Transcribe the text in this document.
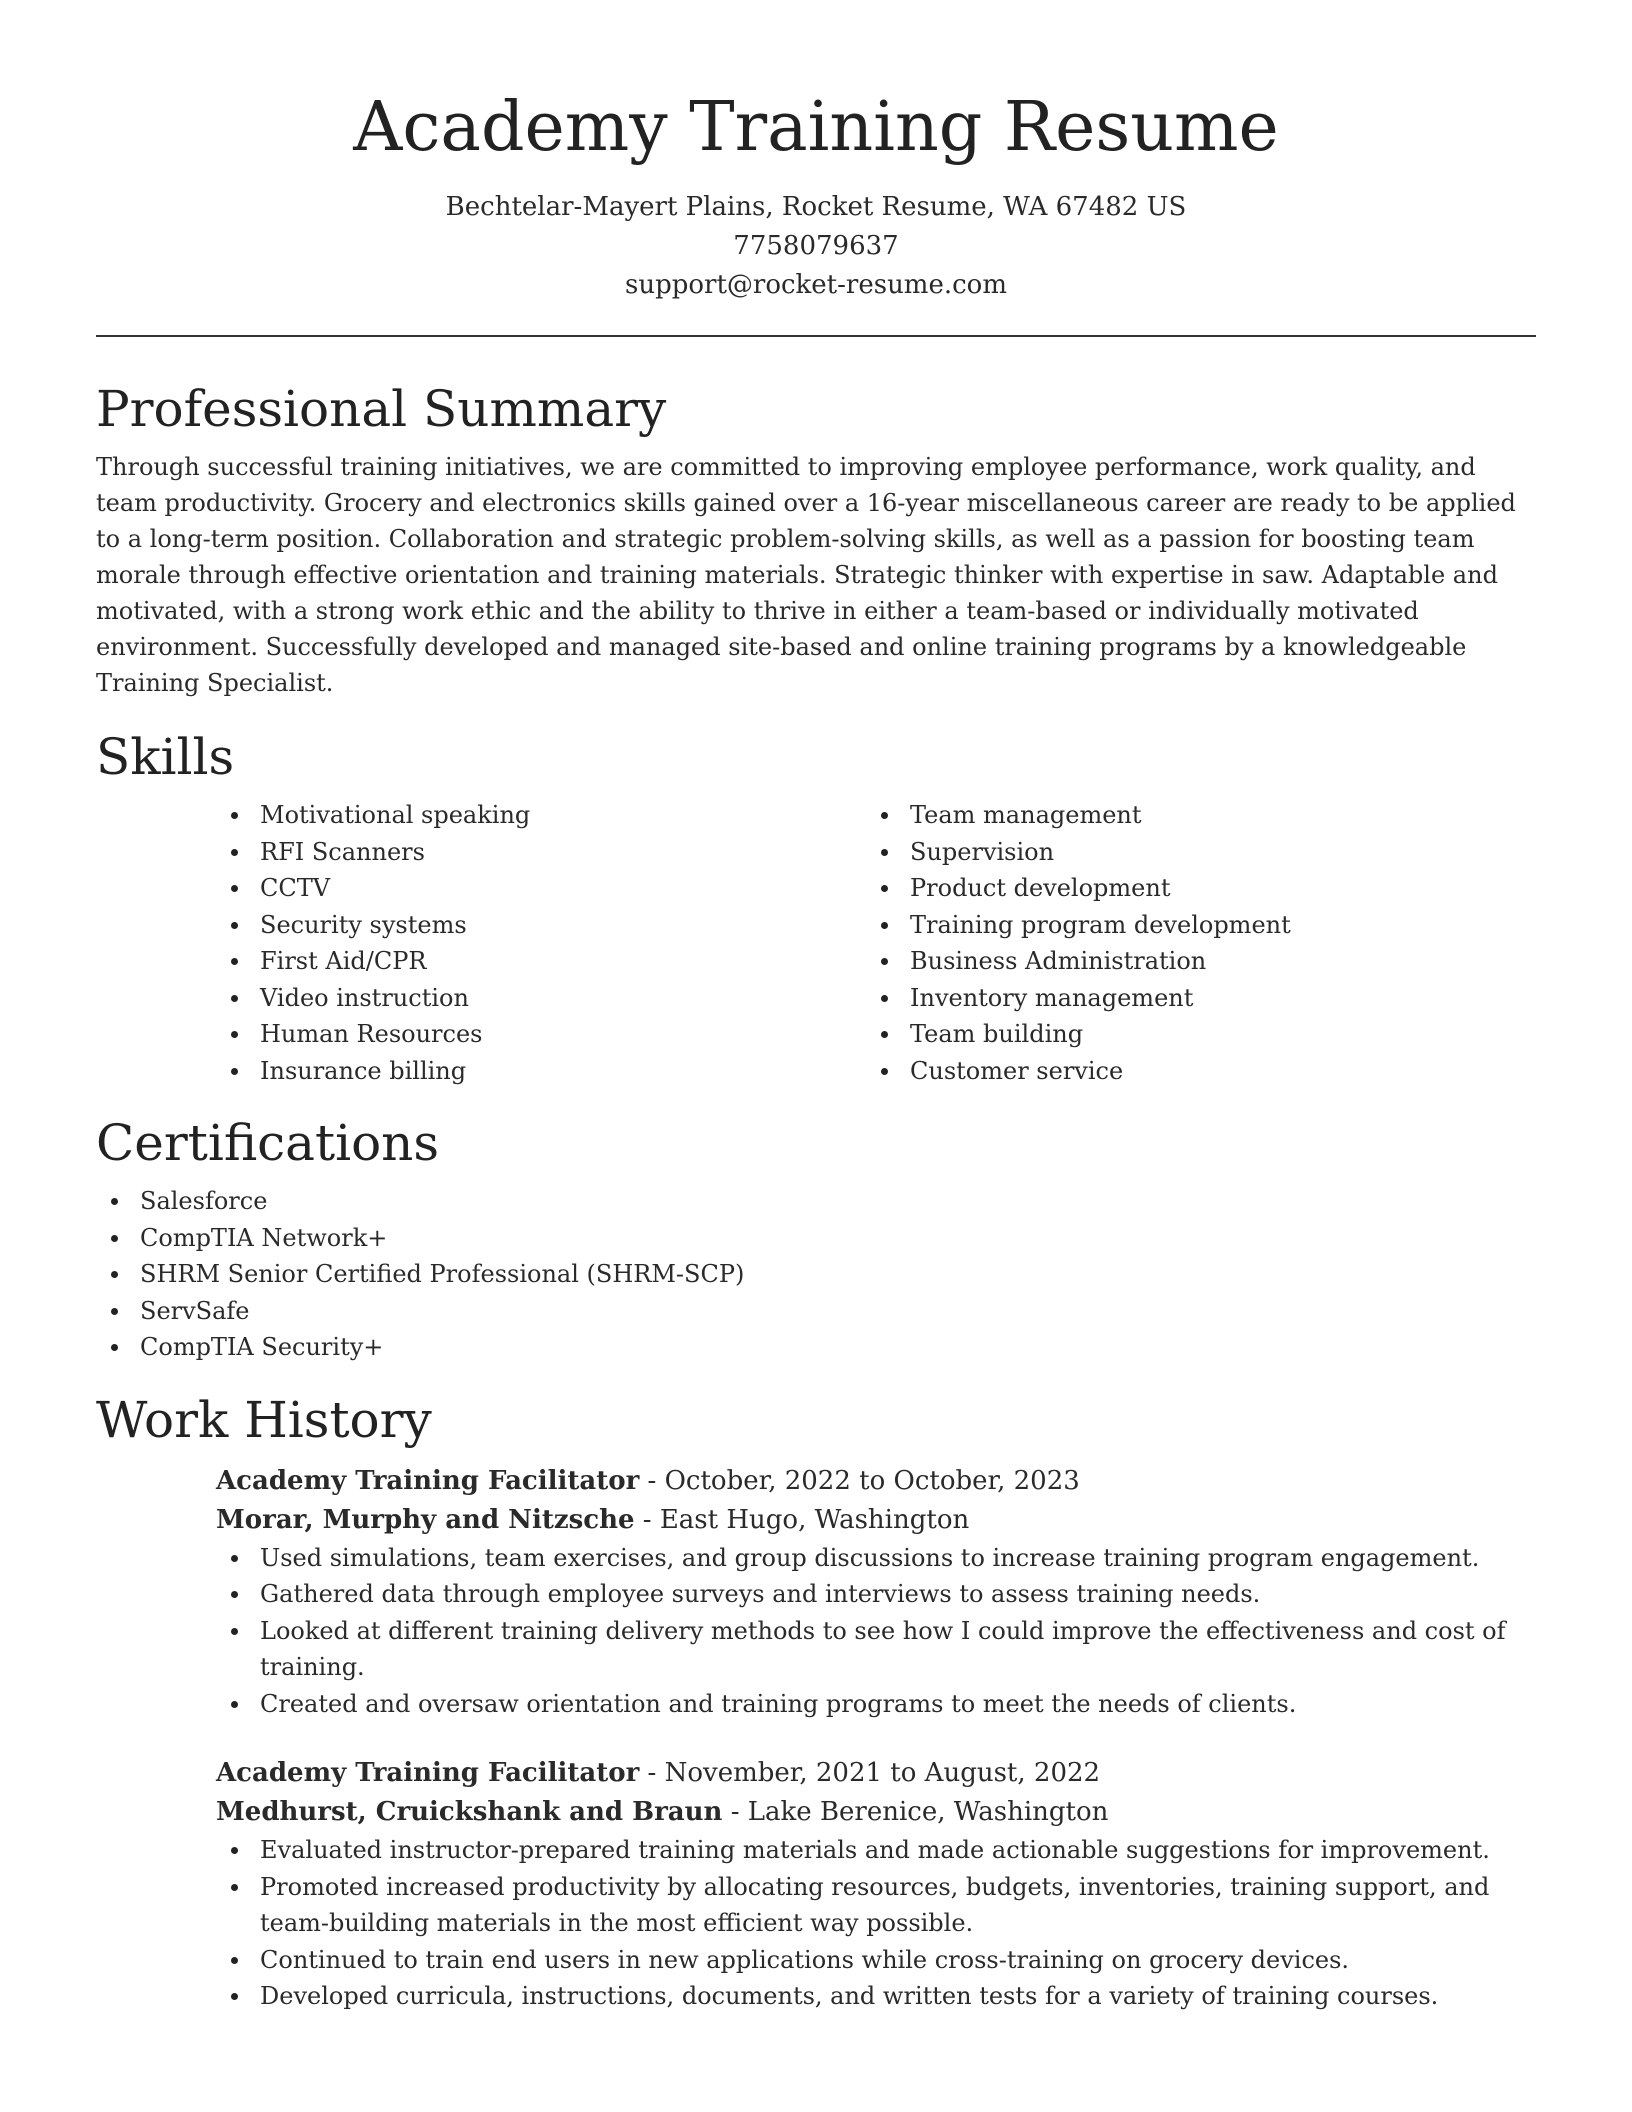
Academy Training Resume
Bechtelar-Mayert Plains, Rocket Resume, WA 67482 US
7758079637
support@rocket-resume.com
Professional Summary

Through successful training initiatives, we are committed to improving employee performance, work quality, and team productivity. Grocery and electronics skills gained over a 16-year miscellaneous career are ready to be applied to a long-term position. Collaboration and strategic problem-solving skills, as well as a passion for boosting team morale through effective orientation and training materials. Strategic thinker with expertise in saw. Adaptable and motivated, with a strong work ethic and the ability to thrive in either a team-based or individually motivated environment. Successfully developed and managed site-based and online training programs by a knowledgeable Training Specialist.

Skills
Motivational speaking
RFI Scanners
CCTV
Security systems
First Aid/CPR
Video instruction
Human Resources
Insurance billing
Team management
Supervision
Product development
Training program development
Business Administration
Inventory management
Team building
Customer service
Certifications
Salesforce
CompTIA Network+
SHRM Senior Certified Professional (SHRM-SCP)
ServSafe
CompTIA Security+
Work History
Academy Training Facilitator - October, 2022 to October, 2023
Morar, Murphy and Nitzsche - East Hugo, Washington
Used simulations, team exercises, and group discussions to increase training program engagement.
Gathered data through employee surveys and interviews to assess training needs.
Looked at different training delivery methods to see how I could improve the effectiveness and cost of training.
Created and oversaw orientation and training programs to meet the needs of clients.
Academy Training Facilitator - November, 2021 to August, 2022
Medhurst, Cruickshank and Braun - Lake Berenice, Washington
Evaluated instructor-prepared training materials and made actionable suggestions for improvement.
Promoted increased productivity by allocating resources, budgets, inventories, training support, and team-building materials in the most efficient way possible.
Continued to train end users in new applications while cross-training on grocery devices.
Developed curricula, instructions, documents, and written tests for a variety of training courses.
